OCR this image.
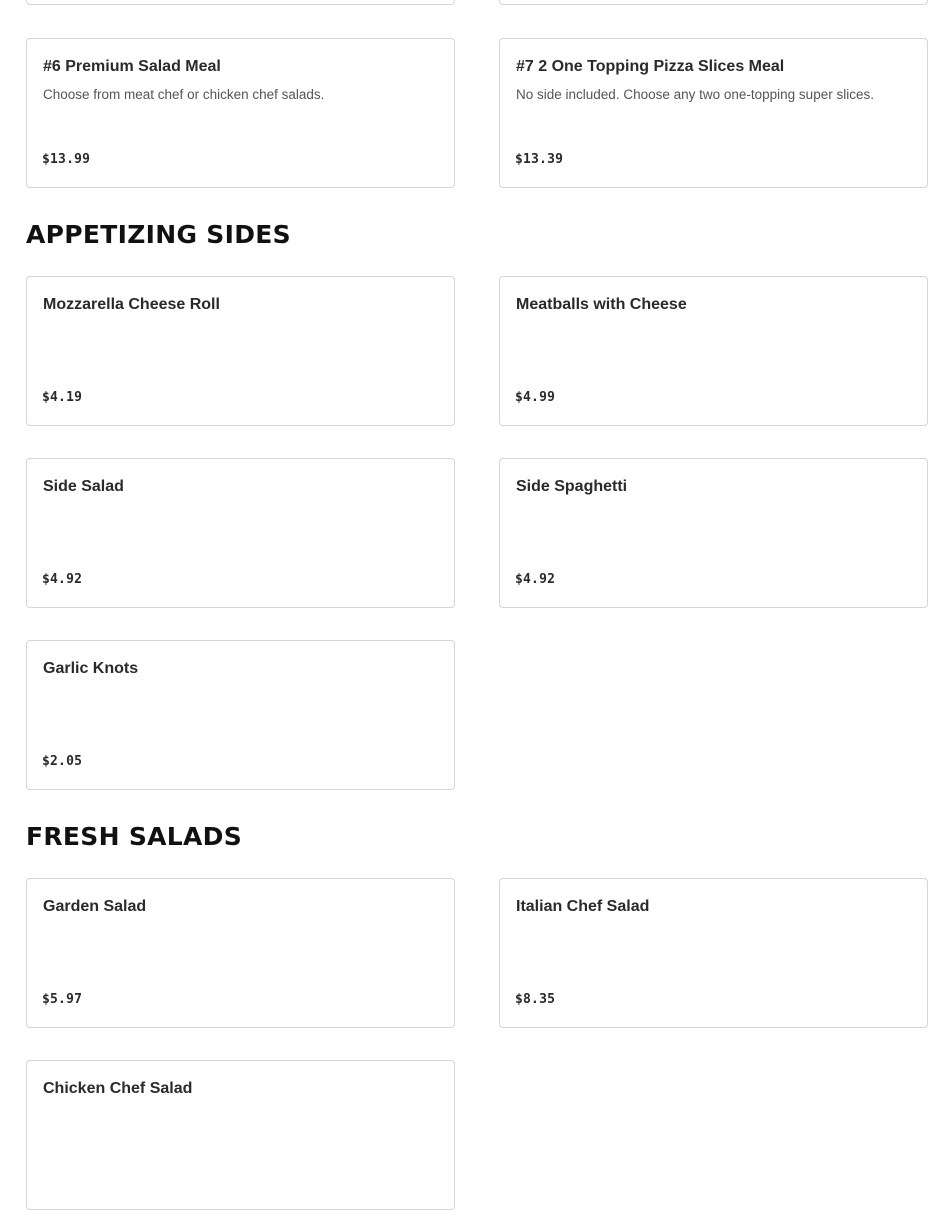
#6 Premium Salad Meal
Choose from meat chef or chicken chef salads.
$13.99
#7 2 One Topping Pizza Slices Meal
No side included. Choose any two one-topping super slices.
$13.39
APPETIZING SIDES
Mozzarella Cheese Roll
$4.19
Meatballs with Cheese
$4.99
Side Salad
$4.92
Side Spaghetti
$4.92
Garlic Knots
$2.05
FRESH SALADS
Garden Salad
$5.97
Italian Chef Salad
$8.35
Chicken Chef Salad
